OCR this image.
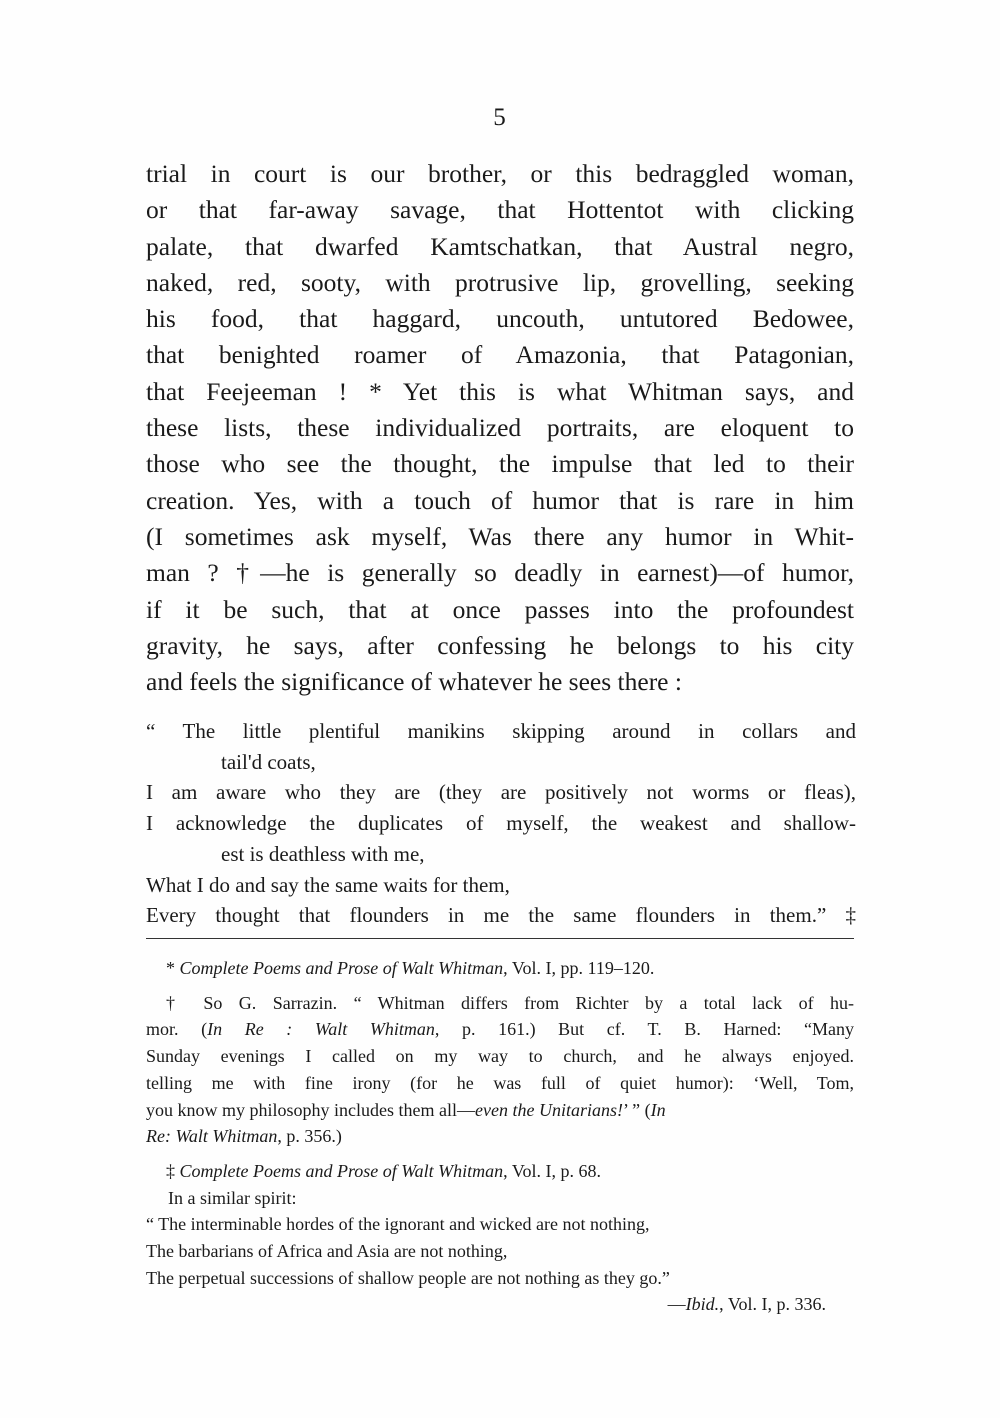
5
trial in court is our brother, or this bedraggled woman,
or that far-away savage, that Hottentot with clicking
palate, that dwarfed Kamtschatkan, that Austral negro,
naked, red, sooty, with protrusive lip, grovelling, seeking
his food, that haggard, uncouth, untutored Bedowee,
that benighted roamer of Amazonia, that Patagonian,
that Feejeeman ! * Yet this is what Whitman says, and
these lists, these individualized portraits, are eloquent to
those who see the thought, the impulse that led to their
creation. Yes, with a touch of humor that is rare in him
(I sometimes ask myself, Was there any humor in Whit-
man ? †—he is generally so deadly in earnest)—of humor,
if it be such, that at once passes into the profoundest
gravity, he says, after confessing he belongs to his city
and feels the significance of whatever he sees there :
“ The little plentiful manikins skipping around in collars and
tail'd coats,
I am aware who they are (they are positively not worms or fleas),
I acknowledge the duplicates of myself, the weakest and shallow-
est is deathless with me,
What I do and say the same waits for them,
Every thought that flounders in me the same flounders in them.” ‡
* Complete Poems and Prose of Walt Whitman, Vol. I, pp. 119–120.
† So G. Sarrazin. “ Whitman differs from Richter by a total lack of hu-
mor. (In Re : Walt Whitman, p. 161.) But cf. T. B. Harned: “Many
Sunday evenings I called on my way to church, and he always enjoyed.
telling me with fine irony (for he was full of quiet humor): ‘Well, Tom,
you know my philosophy includes them all—even the Unitarians!’ ” (In
Re: Walt Whitman, p. 356.)
‡ Complete Poems and Prose of Walt Whitman, Vol. I, p. 68.
In a similar spirit:
“ The interminable hordes of the ignorant and wicked are not nothing,
The barbarians of Africa and Asia are not nothing,
The perpetual successions of shallow people are not nothing as they go.”
—Ibid., Vol. I, p. 336.
